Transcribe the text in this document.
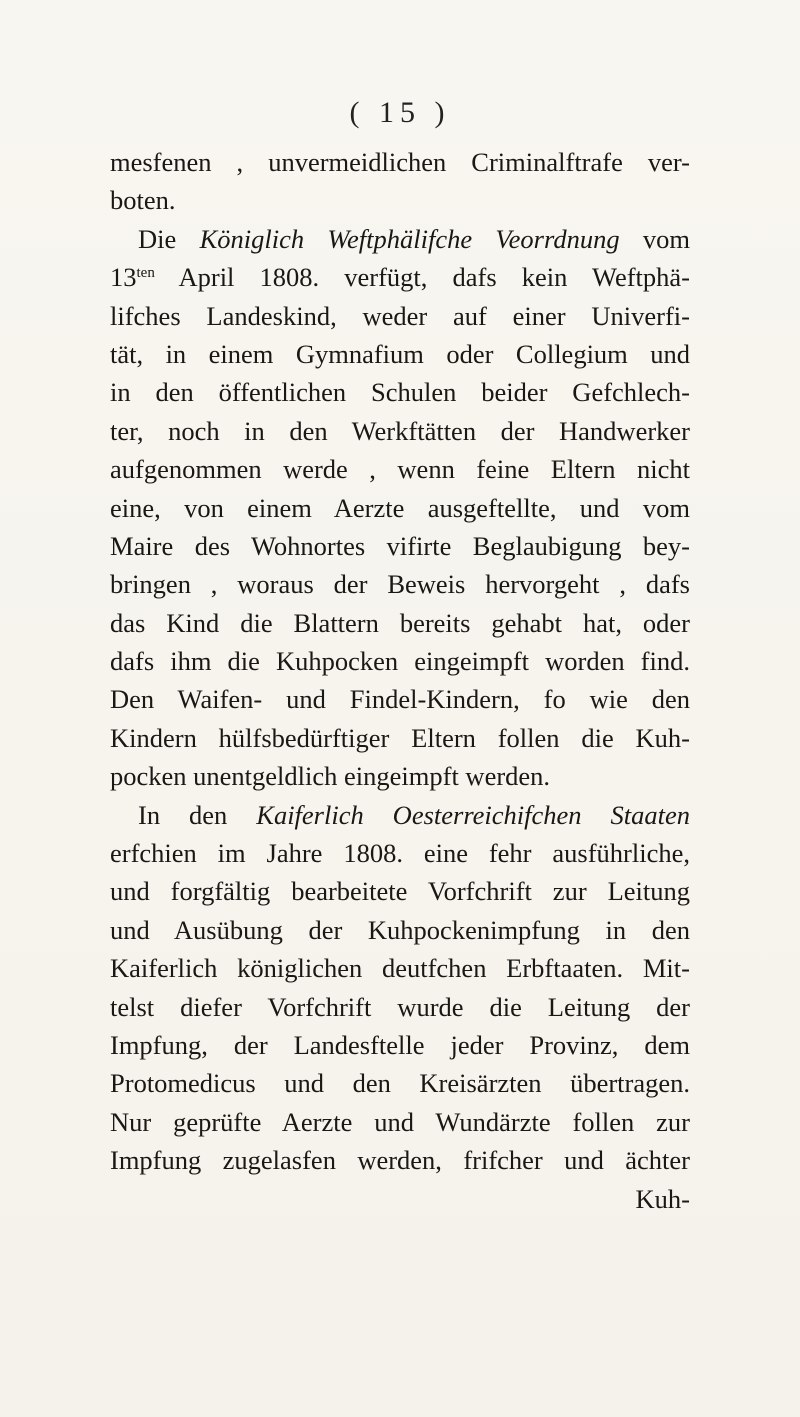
( 15 )
mesfenen , unvermeidlichen Criminalftrafe ver-
boten.
Die Königlich Weftphälifche Veorrdnung vom
$13^{ten}$ April 1808. verfügt, dafs kein Weftphä-
lifches Landeskind, weder auf einer Univerfi-
tät, in einem Gymnafium oder Collegium und
in den öffentlichen Schulen beider Gefchlech-
ter, noch in den Werkftätten der Handwerker
aufgenommen werde , wenn feine Eltern nicht
eine, von einem Aerzte ausgeftellte, und vom
Maire des Wohnortes vifirte Beglaubigung bey-
bringen , woraus der Beweis hervorgeht , dafs
das Kind die Blattern bereits gehabt hat, oder
dafs ihm die Kuhpocken eingeimpft worden find.
Den Waifen- und Findel-Kindern, fo wie den
Kindern hülfsbedürftiger Eltern follen die Kuh-
pocken unentgeldlich eingeimpft werden.
In den Kaiferlich Oesterreichifchen Staaten
erfchien im Jahre 1808. eine fehr ausführliche,
und forgfältig bearbeitete Vorfchrift zur Leitung
und Ausübung der Kuhpockenimpfung in den
Kaiferlich königlichen deutfchen Erbftaaten. Mit-
telst diefer Vorfchrift wurde die Leitung der
Impfung, der Landesftelle jeder Provinz, dem
Protomedicus und den Kreisärzten übertragen.
Nur geprüfte Aerzte und Wundärzte follen zur
Impfung zugelasfen werden, frifcher und ächter
Kuh-
